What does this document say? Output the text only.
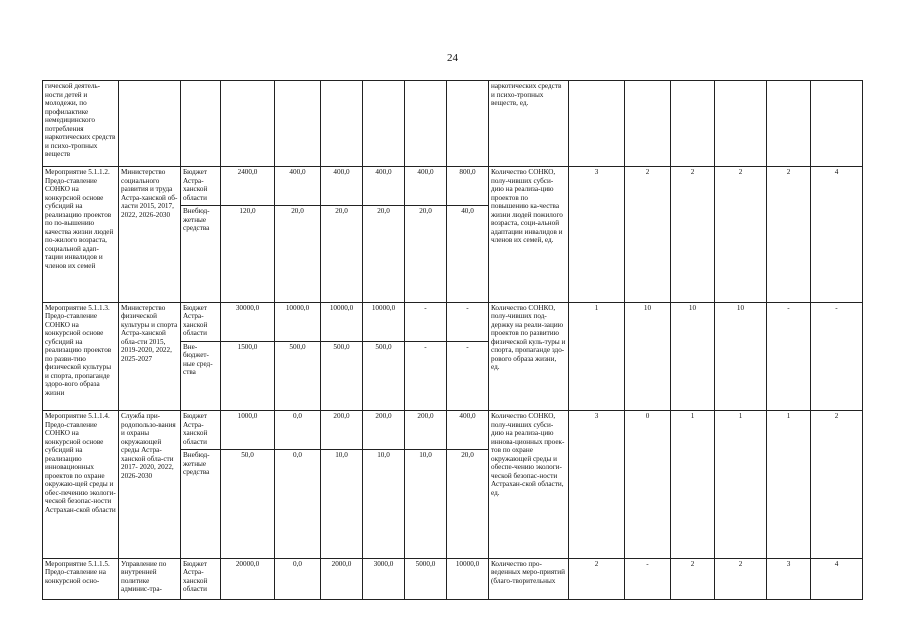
24
гической деятель-ности детей и молодежи, по профилактике немедицинского потребления наркотических средств и психо-тропных веществ									наркотических средств и психо-тропных веществ, ед.						
Мероприятие 5.1.1.2. Предо-ставление СОНКО на конкурсной основе субсидий на реализацию проектов по по-вышению качества жизни людей по-жилого возраста, социальной адап-тации инвалидов и членов их семей	Министерство социального развития и труда Астра-ханской об-ласти 2015, 2017, 2022, 2026-2030	Бюджет Астра-ханской области	2400,0	400,0	400,0	400,0	400,0	800,0	Количество СОНКО, полу-чивших субси-дию на реализа-цию проектов по повышению ка-чества жизни людей пожилого возраста, соци-альной адаптации инвалидов и членов их семей, ед.	3	2	2	2	2	4
		Внебюд-жетные средства	120,0	20,0	20,0	20,0	20,0	40,0							
Мероприятие 5.1.1.3. Предо-ставление СОНКО на конкурсной основе субсидий на реализацию проектов по разви-тию физической культуры и спорта, пропаганде здоро-вого образа жизни	Министерство физической культуры и спорта Астра-ханской обла-сти 2015, 2019-2020, 2022, 2025-2027	Бюджет Астра-ханской области	30000,0	10000,0	10000,0	10000,0	-	-	Количество СОНКО, полу-чивших под-держку на реали-зацию проектов по развитию физической куль-туры и спорта, пропаганде здо-рового образа жизни, ед.	1	10	10	10	-	-
		Вне-бюджет-ные сред-ства	1500,0	500,0	500,0	500,0	-	-							
Мероприятие 5.1.1.4. Предо-ставление СОНКО на конкурсной основе субсидий на реализацию инновационных проектов по охране окружаю-щей среды и обес-печению экологи-ческой безопас-ности Астрахан-ской области	Служба при-родопользо-вания и охраны окружающей среды Астра-ханской обла-сти 2017- 2020, 2022, 2026-2030	Бюджет Астра-ханской области	1000,0	0,0	200,0	200,0	200,0	400,0	Количество СОНКО, полу-чивших субси-дию на реализа-цию иннова-ционных проек-тов по охране окружающей среды и обеспе-чению экологи-ческой безопас-ности Астрахан-ской области, ед.	3	0	1	1	1	2
		Внебюд-жетные средства	50,0	0,0	10,0	10,0	10,0	20,0							
Мероприятие 5.1.1.5. Предо-ставление на конкурсной осно-	Управление по внутренней политике админис-тра-	Бюджет Астра-ханской области	20000,0	0,0	2000,0	3000,0	5000,0	10000,0	Количество про-веденных меро-приятий (благо-творительных	2	-	2	2	3	4
